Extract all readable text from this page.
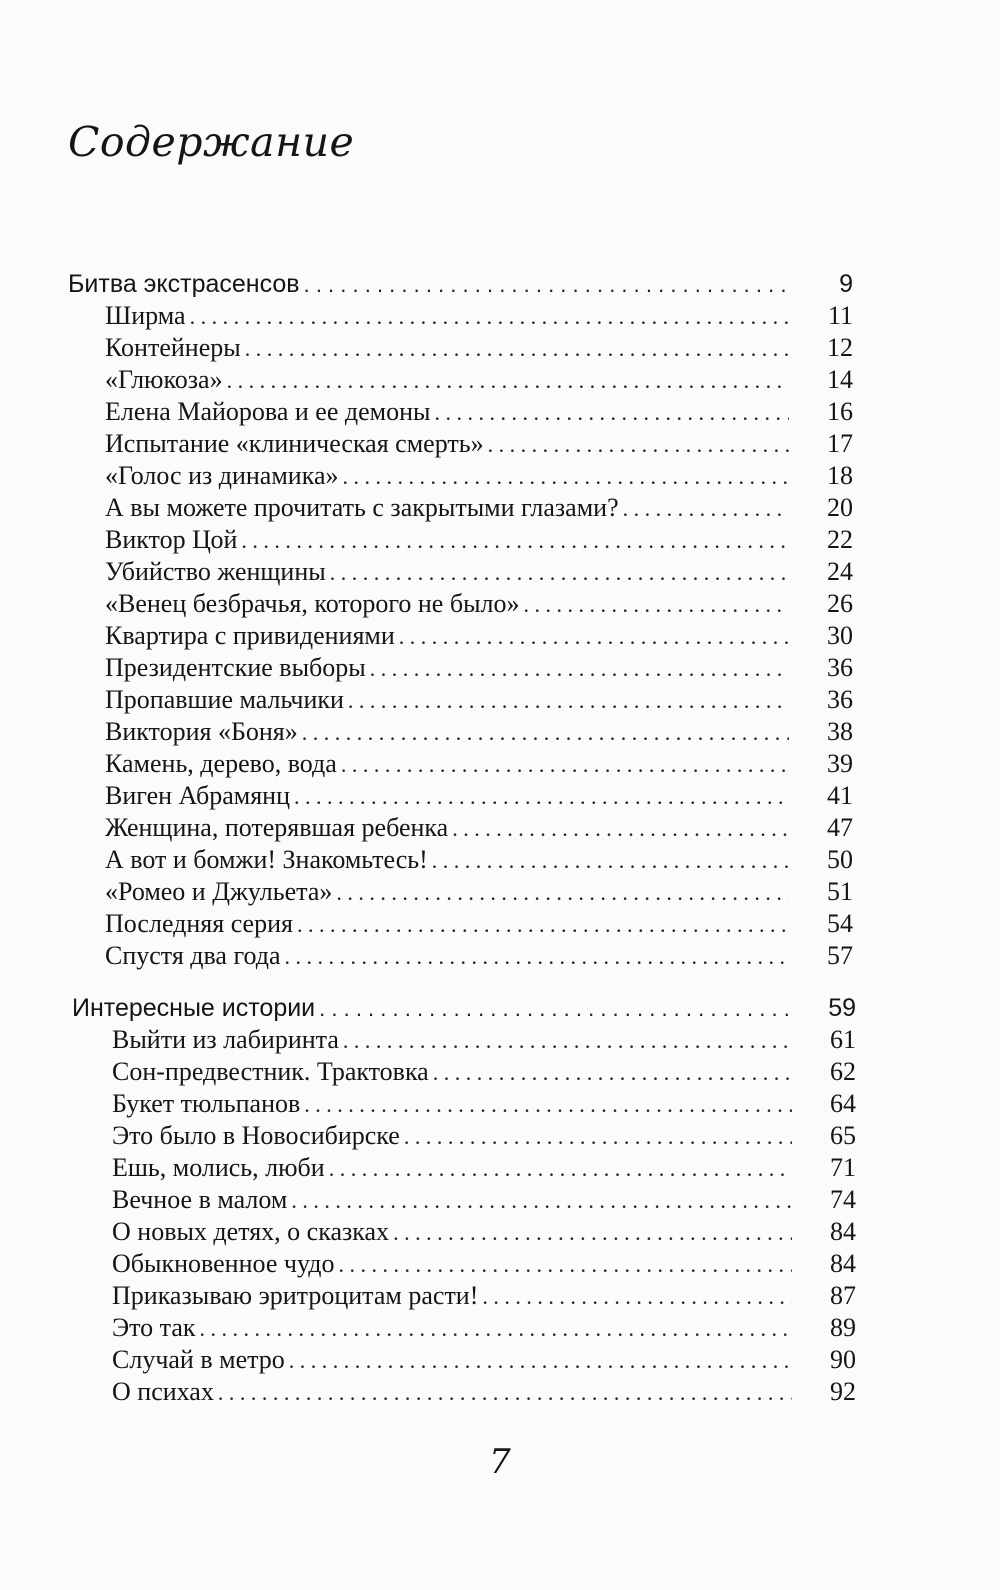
Содержание
Битва экстрасенсов . . .	9
Ширма . . .	11
Контейнеры . . .	12
«Глюкоза» . . .	14
Елена Майорова и ее демоны . . .	16
Испытание «клиническая смерть» . . .	17
«Голос из динамика» . . .	18
А вы можете прочитать с закрытыми глазами? . . .	20
Виктор Цой . . .	22
Убийство женщины . . .	24
«Венец безбрачья, которого не было» . . .	26
Квартира с привидениями . . .	30
Президентские выборы . . .	36
Пропавшие мальчики . . .	36
Виктория «Боня» . . .	38
Камень, дерево, вода . . .	39
Виген Абрамянц . . .	41
Женщина, потерявшая ребенка . . .	47
А вот и бомжи! Знакомьтесь! . . .	50
«Ромео и Джульета» . . .	51
Последняя серия . . .	54
Спустя два года . . .	57
Интересные истории . . .	59
Выйти из лабиринта . . .	61
Сон-предвестник. Трактовка . . .	62
Букет тюльпанов . . .	64
Это было в Новосибирске . . .	65
Ешь, молись, люби . . .	71
Вечное в малом . . .	74
О новых детях, о сказках . . .	84
Обыкновенное чудо . . .	84
Приказываю эритроцитам расти! . . .	87
Это так . . .	89
Случай в метро . . .	90
О психах . . .	92
7
